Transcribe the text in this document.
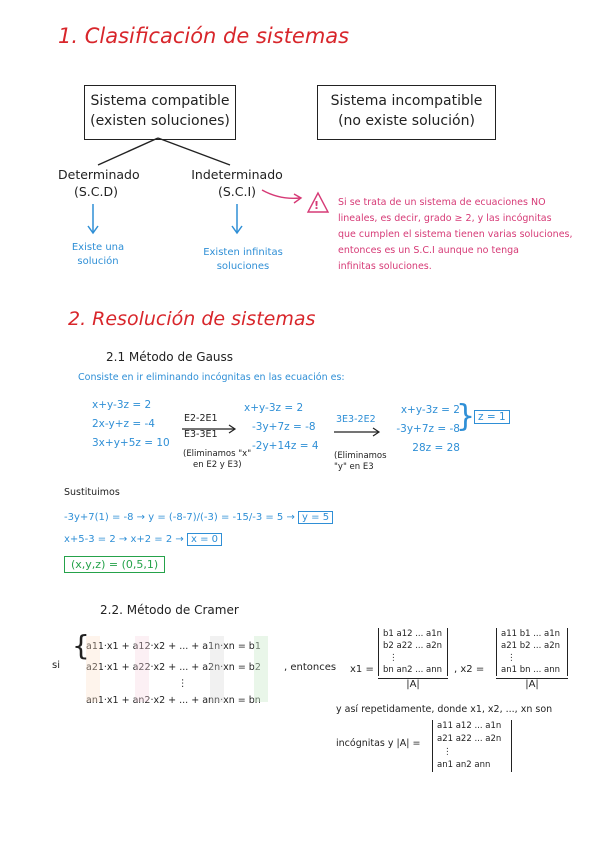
1. Clasificación de sistemas
Sistema compatible
(existen soluciones)
Sistema incompatible
(no existe solución)
Determinado
(S.C.D)
Indeterminado
(S.C.I)
Existe una
solución
Existen infinitas
soluciones
! Si se trata de un sistema de ecuaciones NO
lineales, es decir, grado ≥ 2, y las incógnitas
que cumplen el sistema tienen varias soluciones,
entonces es un S.C.I aunque no tenga
infinitas soluciones.
2. Resolución de sistemas
2.1 Método de Gauss
Consiste en ir eliminando incógnitas en las ecuación es:
x+y-3z = 2
2x-y+z = -4
3x+y+5z = 10
E2-2E1
E3-3E1
(Eliminamos "x"
en E2 y E3)
x+y-3z = 2
-3y+7z = -8
-2y+14z = 4
3E3-2E2
(Eliminamos
"y" en E3
x+y-3z = 2
-3y+7z = -8
28z = 28
} z = 1
Sustituimos
-3y+7(1) = -8 → y = (-8-7)/(-3) = -15/-3 = 5 → y = 5
x+5-3 = 2 → x+2 = 2 → x = 0
(x,y,z) = (0,5,1)
2.2. Método de Cramer
si
{
a11·x1 + a12·x2 + ... + a1n·xn = b1
a21·x1 + a22·x2 + ... + a2n·xn = b2
⋮
an1·x1 + an2·x2 + ... + ann·xn = bn
, entonces x1 =
b1 a12 ... a1n
b2 a22 ... a2n
⋮
bn an2 ... ann
|A|
, x2 =
a11 b1 ... a1n
a21 b2 ... a2n
⋮
an1 bn ... ann
|A|
y así repetidamente, donde x1, x2, ..., xn son
incógnitas y |A| =
a11 a12 ... a1n
a21 a22 ... a2n
⋮
an1 an2 ann
